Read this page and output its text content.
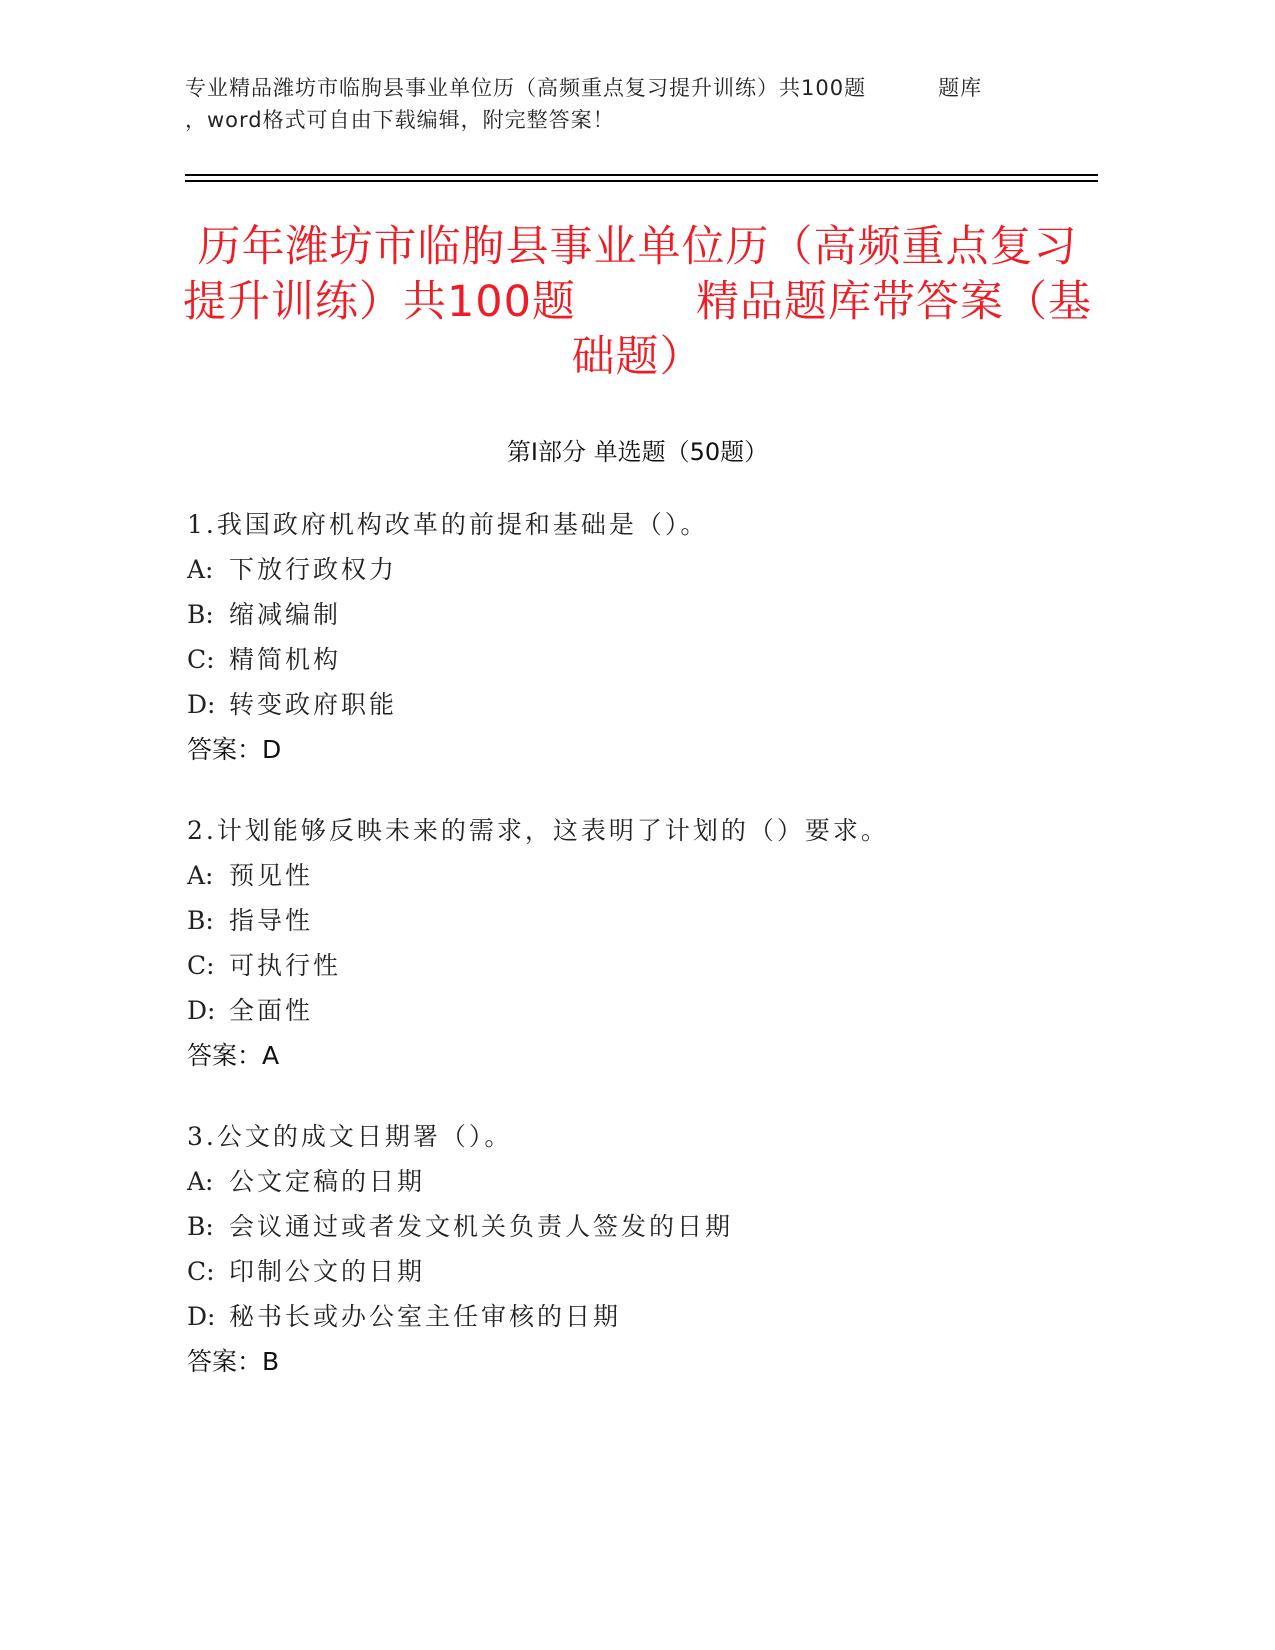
专业精品潍坊市临朐县事业单位历（高频重点复习提升训练）共100题	题库
，word格式可自由下载编辑，附完整答案！
历年潍坊市临朐县事业单位历（高频重点复习提升训练）共100题	精品题库带答案（基础题）
第Ⅰ部分 单选题（50题）
1.我国政府机构改革的前提和基础是（）。
A: 下放行政权力
B: 缩减编制
C: 精简机构
D: 转变政府职能
答案：D
2.计划能够反映未来的需求，这表明了计划的（）要求。
A: 预见性
B: 指导性
C: 可执行性
D: 全面性
答案：A
3.公文的成文日期署（）。
A: 公文定稿的日期
B: 会议通过或者发文机关负责人签发的日期
C: 印制公文的日期
D: 秘书长或办公室主任审核的日期
答案：B
